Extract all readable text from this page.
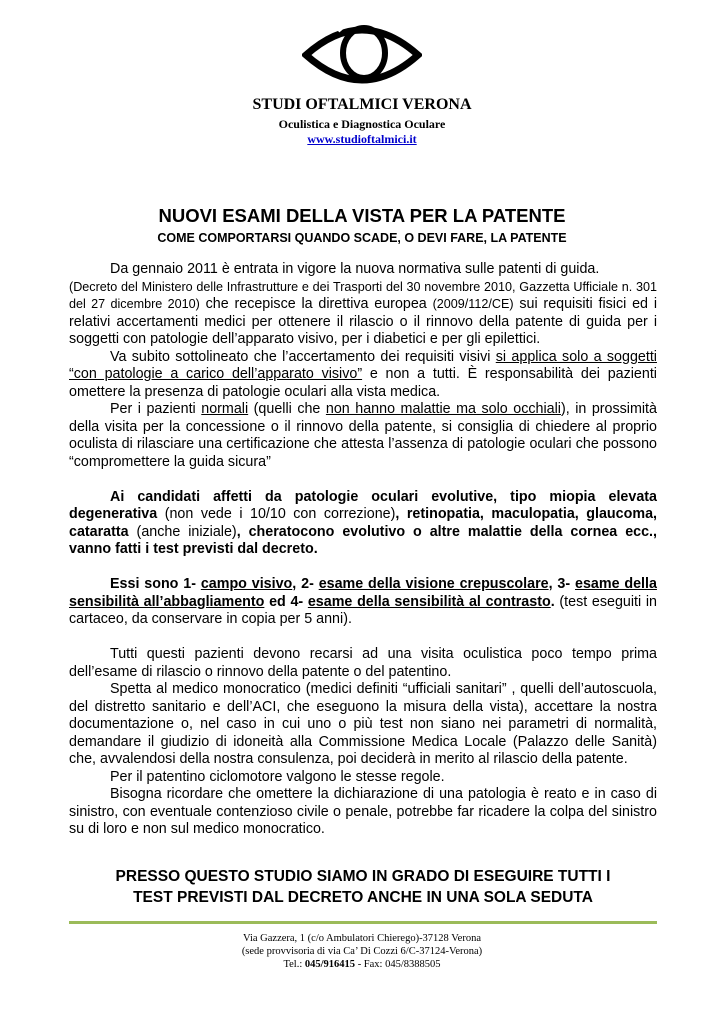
STUDI OFTALMICI VERONA
Oculistica e Diagnostica Oculare
www.studioftalmici.it
NUOVI ESAMI DELLA VISTA PER LA PATENTE
COME COMPORTARSI QUANDO SCADE, O DEVI FARE, LA PATENTE

Da gennaio 2011 è entrata in vigore la nuova normativa sulle patenti di guida.
(Decreto del Ministero delle Infrastrutture e dei Trasporti del 30 novembre 2010, Gazzetta Ufficiale n. 301 del 27 dicembre 2010) che recepisce la direttiva europea (2009/112/CE) sui requisiti fisici ed i relativi accertamenti medici per ottenere il rilascio o il rinnovo della patente di guida per i soggetti con patologie dell’apparato visivo, per i diabetici e per gli epilettici.

Va subito sottolineato che l’accertamento dei requisiti visivi si applica solo a soggetti “con patologie a carico dell’apparato visivo” e non a tutti. È responsabilità dei pazienti omettere la presenza di patologie oculari alla vista medica.

Per i pazienti normali (quelli che non hanno malattie ma solo occhiali), in prossimità della visita per la concessione o il rinnovo della patente, si consiglia di chiedere al proprio oculista di rilasciare una certificazione che attesta l’assenza di patologie oculari che possono “compromettere la guida sicura”

Ai candidati affetti da patologie oculari evolutive, tipo miopia elevata degenerativa (non vede i 10/10 con correzione), retinopatia, maculopatia, glaucoma, cataratta (anche iniziale), cheratocono evolutivo o altre malattie della cornea ecc., vanno fatti i test previsti dal decreto.

Essi sono 1- campo visivo, 2- esame della visione crepuscolare, 3- esame della sensibilità all’abbagliamento ed 4- esame della sensibilità al contrasto. (test eseguiti in cartaceo, da conservare in copia per 5 anni).

Tutti questi pazienti devono recarsi ad una visita oculistica poco tempo prima dell’esame di rilascio o rinnovo della patente o del patentino.

Spetta al medico monocratico (medici definiti “ufficiali sanitari” , quelli dell’autoscuola, del distretto sanitario e dell’ACI, che eseguono la misura della vista), accettare la nostra documentazione o, nel caso in cui uno o più test non siano nei parametri di normalità, demandare il giudizio di idoneità alla Commissione Medica Locale (Palazzo delle Sanità) che, avvalendosi della nostra consulenza, poi deciderà in merito al rilascio della patente.

Per il patentino ciclomotore valgono le stesse regole.

Bisogna ricordare che omettere la dichiarazione di una patologia è reato e in caso di sinistro, con eventuale contenzioso civile o penale, potrebbe far ricadere la colpa del sinistro su di loro e non sul medico monocratico.

PRESSO QUESTO STUDIO SIAMO IN GRADO DI ESEGUIRE TUTTI I
TEST PREVISTI DAL DECRETO ANCHE IN UNA SOLA SEDUTA
Via Gazzera, 1 (c/o Ambulatori Chierego)-37128 Verona
(sede provvisoria di via Ca’ Di Cozzi 6/C-37124-Verona)
Tel.: 045/916415 - Fax: 045/8388505
